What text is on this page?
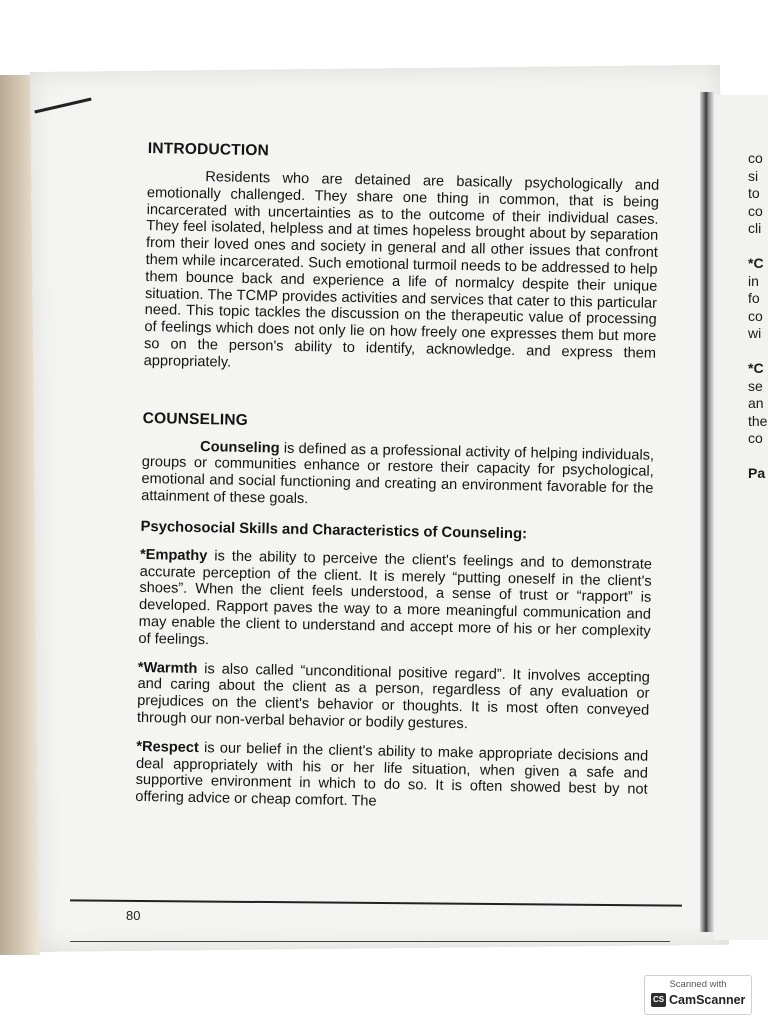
INTRODUCTION

Residents who are detained are basically psychologically and emotionally challenged. They share one thing in common, that is being incarcerated with uncertainties as to the outcome of their individual cases. They feel isolated, helpless and at times hopeless brought about by separation from their loved ones and society in general and all other issues that confront them while incarcerated. Such emotional turmoil needs to be addressed to help them bounce back and experience a life of normalcy despite their unique situation. The TCMP provides activities and services that cater to this particular need. This topic tackles the discussion on the therapeutic value of processing of feelings which does not only lie on how freely one expresses them but more so on the person's ability to identify, acknowledge. and express them appropriately.

COUNSELING

Counseling is defined as a professional activity of helping individuals, groups or communities enhance or restore their capacity for psychological, emotional and social functioning and creating an environment favorable for the attainment of these goals.

Psychosocial Skills and Characteristics of Counseling:

*Empathy is the ability to perceive the client's feelings and to demonstrate accurate perception of the client. It is merely “putting oneself in the client's shoes”. When the client feels understood, a sense of trust or “rapport” is developed. Rapport paves the way to a more meaningful communication and may enable the client to understand and accept more of his or her complexity of feelings.

*Warmth is also called “unconditional positive regard”. It involves accepting and caring about the client as a person, regardless of any evaluation or prejudices on the client's behavior or thoughts. It is most often conveyed through our non-verbal behavior or bodily gestures.

*Respect is our belief in the client's ability to make appropriate decisions and deal appropriately with his or her life situation, when given a safe and supportive environment in which to do so. It is often showed best by not offering advice or cheap comfort. The

80
co
si
to
co
cli

*C
in
fo
co
wi

*C
se
an
the
co

Pa
Scanned with
CS CamScanner
